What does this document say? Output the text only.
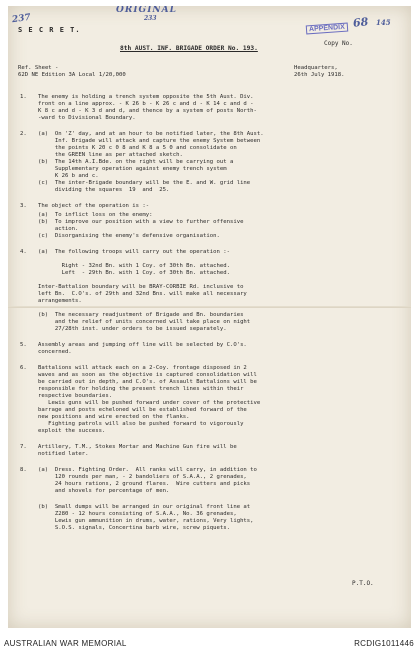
237
ORIGINAL
233
APPENDIX 68 145
S E C R E T.
Copy No.
8th AUST. INF. BRIGADE ORDER No. 193.
Ref. Sheet -
62D NE Edition 3A Local 1/20,000
Headquarters,
26th July 1918.
1. The enemy is holding a trench system opposite the 5th Aust. Div.
front on a line approx. - K 26 b - K 26 c and d - K 14 c and d -
K 8 c and d - K 3 d and d, and thence by a system of posts North-
-ward to Divisional Boundary.
2. (a)  On 'Z' day, and at an hour to be notified later, the 8th Aust.
Inf. Brigade will attack and capture the enemy System between
the points K 20 c 0 8 and K 8 a 5 0 and consolidate on
the GREEN line as per attached sketch.
(b)  The 14th A.I.Bde. on the right will be carrying out a
Supplementary operation against enemy trench system
K 26 b and c.
(c)  The inter-Brigade boundary will be the E. and W. grid line
dividing the squares  19  and  25.
3. The object of the operation is :-
(a)  To inflict loss on the enemy:
(b)  To improve our position with a view to further offensive
action.
(c)  Disorganising the enemy's defensive organisation.
4. (a)  The following troops will carry out the operation :-
Right - 32nd Bn. with 1 Coy. of 30th Bn. attached.
Left  - 29th Bn. with 1 Coy. of 30th Bn. attached.
Inter-Battalion boundary will be BRAY-CORBIE Rd. inclusive to
left Bn.  C.O's. of 29th and 32nd Bns. will make all necessary
arrangements.
(b)  The necessary readjustment of Brigade and Bn. boundaries
and the relief of units concerned will take place on night
27/28th inst. under orders to be issued separately.
5. Assembly areas and jumping off line will be selected by C.O's.
concerned.
6. Battalions will attack each on a 2-Coy. frontage disposed in 2
waves and as soon as the objective is captured consolidation will
be carried out in depth, and C.O's. of Assault Battalions will be
responsible for holding the present trench lines within their
respective boundaries.
Lewis guns will be pushed forward under cover of the protective
barrage and posts echeloned will be established forward of the
new positions and wire erected on the flanks.
Fighting patrols will also be pushed forward to vigorously
exploit the success.
7. Artillery, T.M., Stokes Mortar and Machine Gun fire will be
notified later.
8. (a)  Dress. Fighting Order.  All ranks will carry, in addition to
120 rounds per man, - 2 bandoliers of S.A.A., 2 grenades,
24 hours rations, 2 ground flares.  Wire cutters and picks
and shovels for percentage of men.
(b)  Small dumps will be arranged in our original front line at
Z280 - 12 hours consisting of S.A.A., No. 36 grenades,
Lewis gun ammunition in drums, water, rations, Very lights,
S.O.S. signals, Concertina barb wire, screw piquets.
P.T.O.
AUSTRALIAN WAR MEMORIAL	RCDIG1011446
